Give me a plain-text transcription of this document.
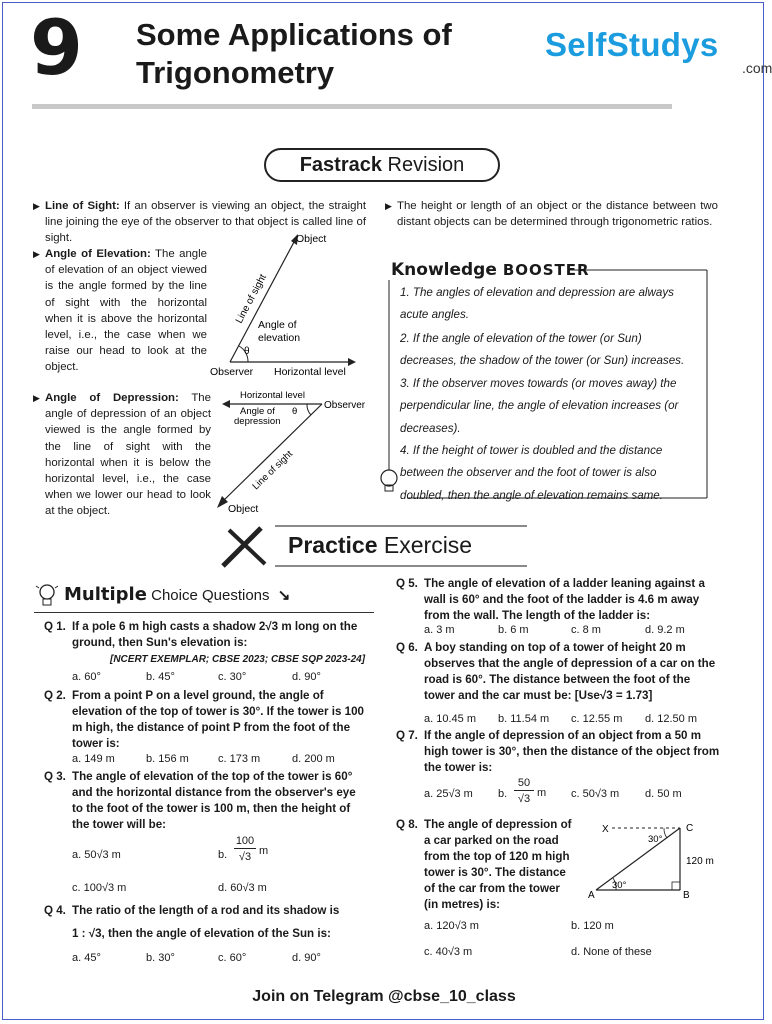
9 Some Applications of
Trigonometry
SelfStudys
.com
Fastrack Revision
▶ Line of Sight: If an observer is viewing an object, the straight line joining the eye of the observer to that object is called line of sight.
▶ Angle of Elevation: The angle of elevation of an object viewed is the angle formed by the line of sight with the horizontal when it is above the horizontal level, i.e., the case when we raise our head to look at the object.
▶ Angle of Depression: The angle of depression of an object viewed is the angle formed by the line of sight with the horizontal when it is below the horizontal level, i.e., the case when we lower our head to look at the object.
Object
Line of sight
Angle of
elevation
θ
Observer Horizontal level
Horizontal level
Observer
Angle of
depression
θ
Line of sight
Object
▶ The height or length of an object or the distance between two distant objects can be determined through trigonometric ratios.
Knowledge BOOSTER
1. The angles of elevation and depression are always acute angles.
2. If the angle of elevation of the tower (or Sun) decreases, the shadow of the tower (or Sun) increases.
3. If the observer moves towards (or moves away) the perpendicular line, the angle of elevation increases (or decreases).
4. If the height of tower is doubled and the distance between the observer and the foot of tower is also doubled, then the angle of elevation remains same.
Practice Exercise
Multiple Choice Questions ↘
Q 1. If a pole 6 m high casts a shadow 2√3 m long on the ground, then Sun's elevation is:
[NCERT EXEMPLAR; CBSE 2023; CBSE SQP 2023-24]
a. 60°	b. 45°	c. 30°	d. 90°
Q 2. From a point P on a level ground, the angle of elevation of the top of tower is 30°. If the tower is 100 m high, the distance of point P from the foot of the tower is:
a. 149 m	b. 156 m	c. 173 m	d. 200 m
Q 3. The angle of elevation of the top of the tower is 60° and the horizontal distance from the observer's eye to the foot of the tower is 100 m, then the height of the tower will be:
a. 50√3 m	b.
100
√3 m
c. 100√3 m	d. 60√3 m
Q 4. The ratio of the length of a rod and its shadow is
1 : √3, then the angle of elevation of the Sun is:
a. 45°	b. 30°	c. 60°	d. 90°
Q 5. The angle of elevation of a ladder leaning against a wall is 60° and the foot of the ladder is 4.6 m away from the wall. The length of the ladder is:
a. 3 m	b. 6 m	c. 8 m	d. 9.2 m
Q 6. A boy standing on top of a tower of height 20 m observes that the angle of depression of a car on the road is 60°. The distance between the foot of the tower and the car must be: [Use√3 = 1.73]
a. 10.45 m b. 11.54 m c. 12.55 m d. 12.50 m
Q 7. If the angle of depression of an object from a 50 m high tower is 30°, then the distance of the object from the tower is:
a. 25√3 m b.
50
√3 m c. 50√3 m d. 50 m
Q 8. The angle of depression of a car parked on the road from the top of 120 m high tower is 30°. The distance of the car from the tower (in metres) is:
X	C
A	B
30°
30°
120 m
a. 120√3 m	b. 120 m
c. 40√3 m	d. None of these
Join on Telegram @cbse_10_class
